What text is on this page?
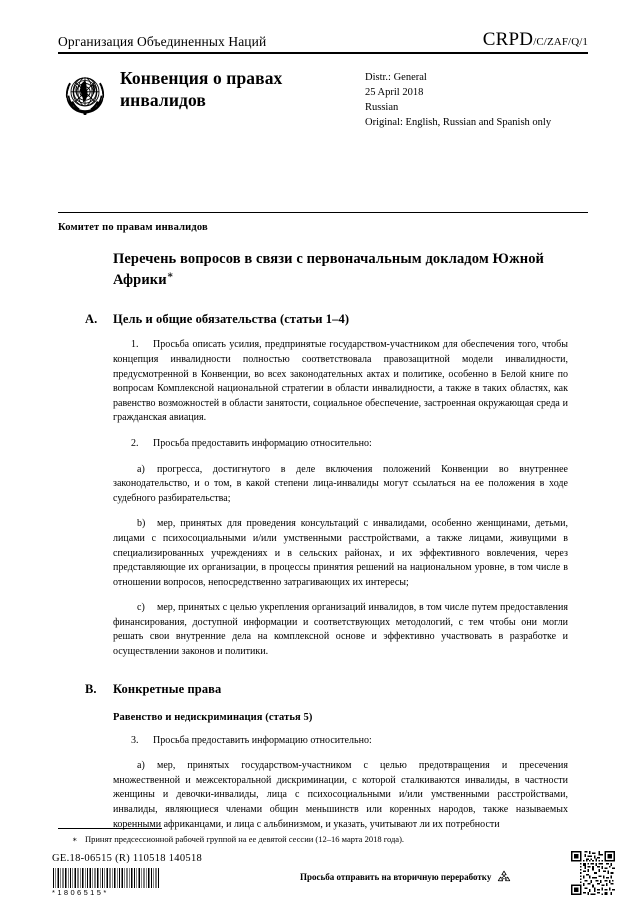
Организация Объединенных Наций	CRPD/C/ZAF/Q/1
Конвенция о правах инвалидов
Distr.: General
25 April 2018
Russian
Original: English, Russian and Spanish only
Комитет по правам инвалидов
Перечень вопросов в связи с первоначальным докладом Южной Африки∗
A.	Цель и общие обязательства (статьи 1–4)
1. Просьба описать усилия, предпринятые государством-участником для обеспечения того, чтобы концепция инвалидности полностью соответствовала правозащитной модели инвалидности, предусмотренной в Конвенции, во всех законодательных актах и политике, особенно в Белой книге по вопросам Комплексной национальной стратегии в области инвалидности, а также в таких областях, как равенство возможностей в области занятости, социальное обеспечение, застроенная окружающая среда и гражданская авиация.
2. Просьба предоставить информацию относительно:
a) прогресса, достигнутого в деле включения положений Конвенции во внутреннее законодательство, и о том, в какой степени лица-инвалиды могут ссылаться на ее положения в ходе судебного разбирательства;
b) мер, принятых для проведения консультаций с инвалидами, особенно женщинами, детьми, лицами с психосоциальными и/или умственными расстройствами, а также лицами, живущими в специализированных учреждениях и в сельских районах, и их эффективного вовлечения, через представляющие их организации, в процессы принятия решений на национальном уровне, в том числе в отношении вопросов, непосредственно затрагивающих их интересы;
c) мер, принятых с целью укрепления организаций инвалидов, в том числе путем предоставления финансирования, доступной информации и соответствующих методологий, с тем чтобы они могли решать свои внутренние дела на комплексной основе и эффективно участвовать в разработке и осуществлении законов и политики.
B.	Конкретные права
Равенство и недискриминация (статья 5)
3. Просьба предоставить информацию относительно:
a) мер, принятых государством-участником с целью предотвращения и пресечения множественной и межсекторальной дискриминации, с которой сталкиваются инвалиды, в частности женщины и девочки-инвалиды, лица с психосоциальными и/или умственными расстройствами, инвалиды, являющиеся членами общин меньшинств или коренных народов, также называемых коренными африканцами, и лица с альбинизмом, и указать, учитывают ли их потребности
∗ Принят предсессионной рабочей группой на ее девятой сессии (12–16 марта 2018 года).
GE.18-06515 (R) 110518 140518
*1806515*
Просьба отправить на вторичную переработку
